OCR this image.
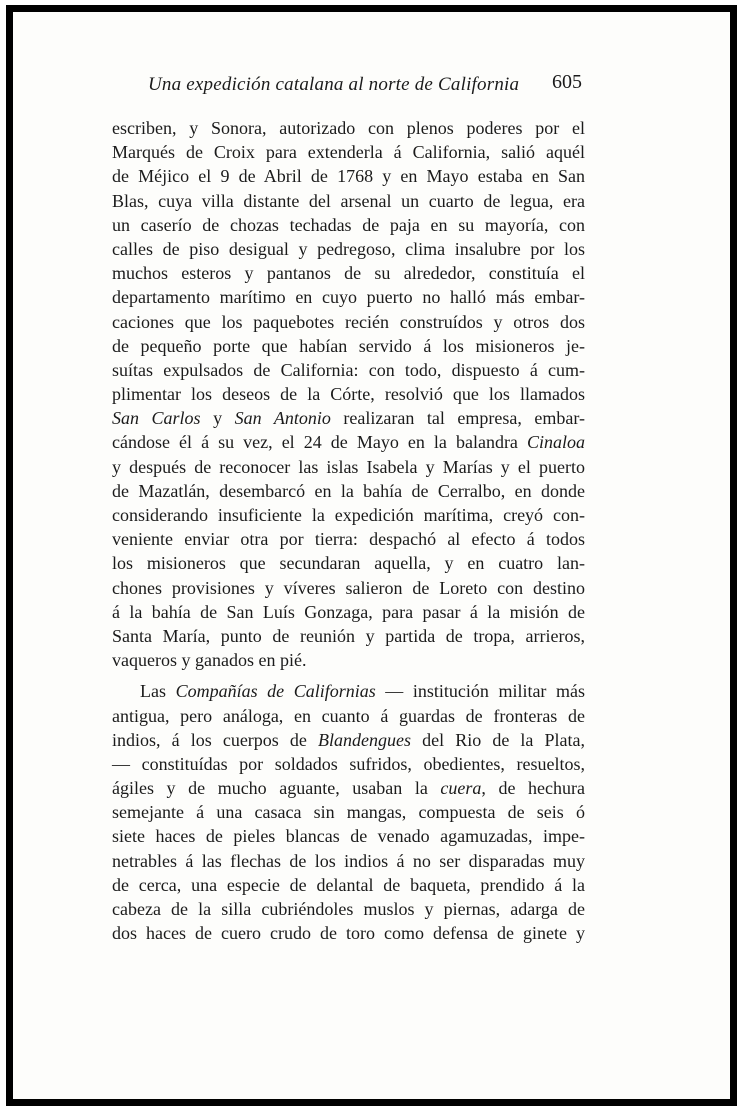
Una expedición catalana al norte de California 605
escriben, y Sonora, autorizado con plenos poderes por el
Marqués de Croix para extenderla á California, salió aquél
de Méjico el 9 de Abril de 1768 y en Mayo estaba en San
Blas, cuya villa distante del arsenal un cuarto de legua, era
un caserío de chozas techadas de paja en su mayoría, con
calles de piso desigual y pedregoso, clima insalubre por los
muchos esteros y pantanos de su alrededor, constituía el
departamento marítimo en cuyo puerto no halló más embar-
caciones que los paquebotes recién construídos y otros dos
de pequeño porte que habían servido á los misioneros je-
suítas expulsados de California: con todo, dispuesto á cum-
plimentar los deseos de la Córte, resolvió que los llamados
San Carlos y San Antonio realizaran tal empresa, embar-
cándose él á su vez, el 24 de Mayo en la balandra Cinaloa
y después de reconocer las islas Isabela y Marías y el puerto
de Mazatlán, desembarcó en la bahía de Cerralbo, en donde
considerando insuficiente la expedición marítima, creyó con-
veniente enviar otra por tierra: despachó al efecto á todos
los misioneros que secundaran aquella, y en cuatro lan-
chones provisiones y víveres salieron de Loreto con destino
á la bahía de San Luís Gonzaga, para pasar á la misión de
Santa María, punto de reunión y partida de tropa, arrieros,
vaqueros y ganados en pié.
Las Compañías de Californias — institución militar más
antigua, pero análoga, en cuanto á guardas de fronteras de
indios, á los cuerpos de Blandengues del Rio de la Plata,
— constituídas por soldados sufridos, obedientes, resueltos,
ágiles y de mucho aguante, usaban la cuera, de hechura
semejante á una casaca sin mangas, compuesta de seis ó
siete haces de pieles blancas de venado agamuzadas, impe-
netrables á las flechas de los indios á no ser disparadas muy
de cerca, una especie de delantal de baqueta, prendido á la
cabeza de la silla cubriéndoles muslos y piernas, adarga de
dos haces de cuero crudo de toro como defensa de ginete y
